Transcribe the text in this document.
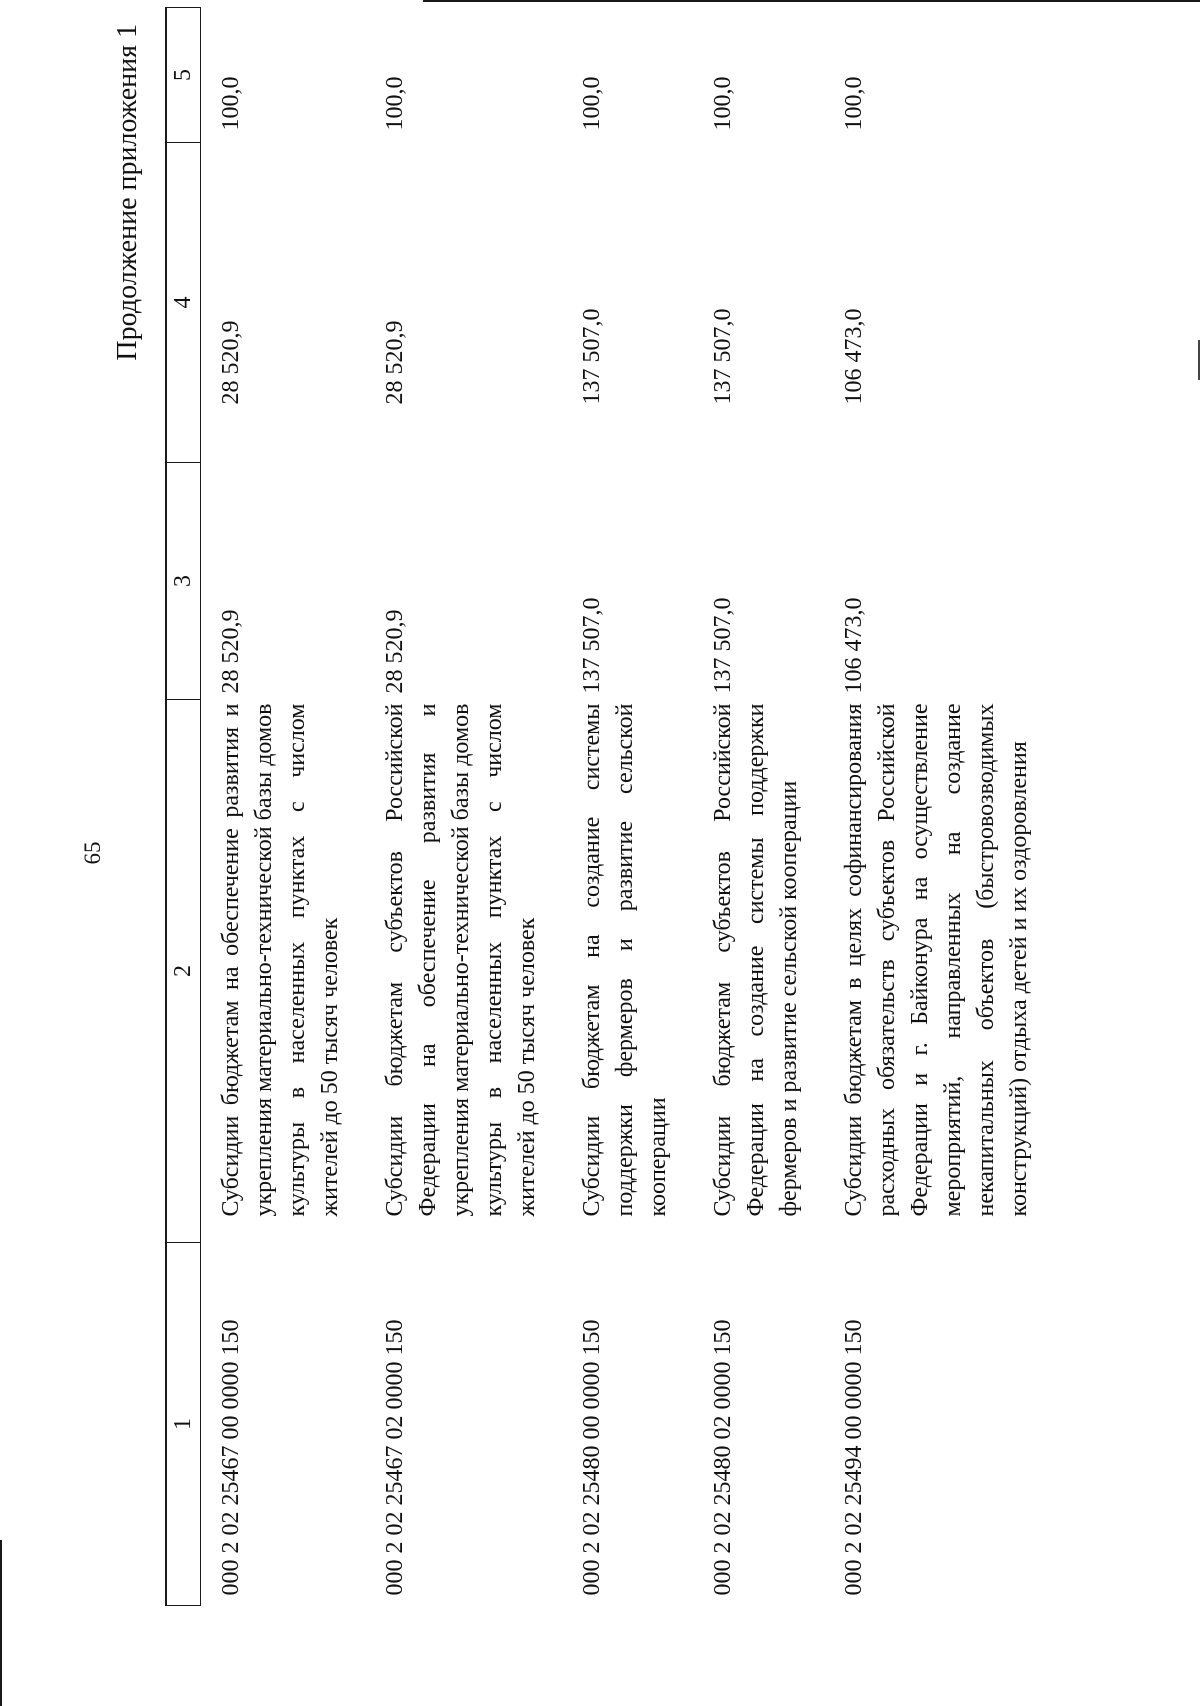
65
Продолжение приложения 1
1	2	3	4	5
000 2 02 25467 00 0000 150	Субсидии бюджетам на обеспечение развития и укрепления материально-технической базы домов культуры в населенных пунктах с числом жителей до 50 тысяч человек	28 520,9	28 520,9	100,0
000 2 02 25467 02 0000 150	Субсидии бюджетам субъектов Российской Федерации на обеспечение развития и укрепления материально-технической базы домов культуры в населенных пунктах с числом жителей до 50 тысяч человек	28 520,9	28 520,9	100,0
000 2 02 25480 00 0000 150	Субсидии бюджетам на создание системы поддержки фермеров и развитие сельской кооперации	137 507,0	137 507,0	100,0
000 2 02 25480 02 0000 150	Субсидии бюджетам субъектов Российской Федерации на создание системы поддержки фермеров и развитие сельской кооперации	137 507,0	137 507,0	100,0
000 2 02 25494 00 0000 150	Субсидии бюджетам в целях софинансирования расходных обязательств субъектов Российской Федерации и г. Байконура на осуществление мероприятий, направленных на создание некапитальных объектов (быстровозводимых конструкций) отдыха детей и их оздоровления	106 473,0	106 473,0	100,0
